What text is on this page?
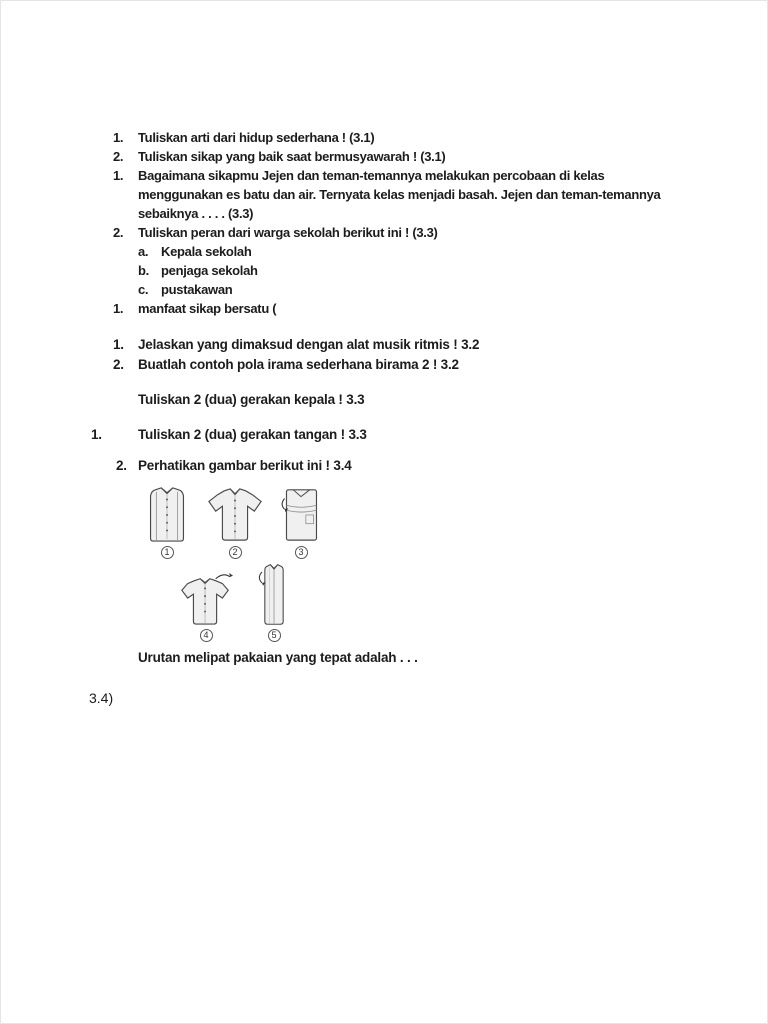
1.	Tuliskan arti dari hidup sederhana ! (3.1)
2.	Tuliskan sikap yang baik saat bermusyawarah ! (3.1)
1.	Bagaimana sikapmu Jejen dan teman-temannya melakukan percobaan di kelas menggunakan es batu dan air. Ternyata kelas menjadi basah. Jejen dan teman-temannya sebaiknya . . . . (3.3)
2.	Tuliskan peran dari warga sekolah berikut ini ! (3.3)
a. Kepala sekolah
b. penjaga sekolah
c. pustakawan
1.	manfaat sikap bersatu (
1.	Jelaskan yang dimaksud dengan alat musik ritmis ! 3.2
2.	Buatlah contoh pola irama sederhana birama 2 ! 3.2
Tuliskan 2 (dua) gerakan kepala ! 3.3
1.	Tuliskan 2 (dua) gerakan tangan ! 3.3
2. Perhatikan gambar berikut ini ! 3.4
1	2	3
4	5
Urutan melipat pakaian yang tepat adalah . . .
3.4)
